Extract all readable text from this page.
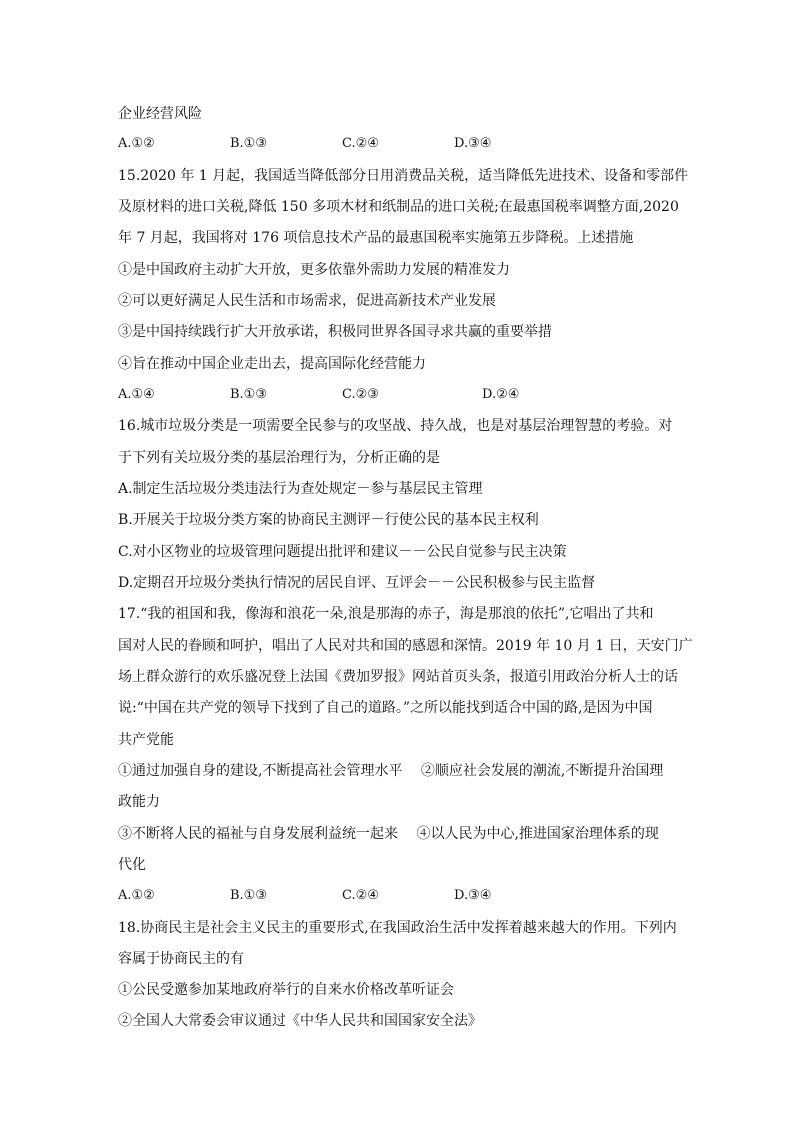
企业经营风险
A.①②	B.①③	C.②④	D.③④
15.2020 年 1 月起，我国适当降低部分日用消费品关税，适当降低先进技术、设备和零部件
及原材料的进口关税,降低 150 多项木材和纸制品的进口关税;在最惠国税率调整方面,2020
年 7 月起，我国将对 176 项信息技术产品的最惠国税率实施第五步降税。上述措施
①是中国政府主动扩大开放，更多依靠外需助力发展的精准发力
②可以更好满足人民生活和市场需求，促进高新技术产业发展
③是中国持续践行扩大开放承诺，积极同世界各国寻求共赢的重要举措
④旨在推动中国企业走出去，提高国际化经营能力
A.①④	B.①③	C.②③	D.②④
16.城市垃圾分类是一项需要全民参与的攻坚战、持久战，也是对基层治理智慧的考验。对
于下列有关垃圾分类的基层治理行为，分析正确的是
A.制定生活垃圾分类违法行为查处规定－参与基层民主管理
B.开展关于垃圾分类方案的协商民主测评－行使公民的基本民主权利
C.对小区物业的垃圾管理问题提出批评和建议－－公民自觉参与民主决策
D.定期召开垃圾分类执行情况的居民自评、互评会－－公民积极参与民主监督
17.“我的祖国和我，像海和浪花一朵,浪是那海的赤子，海是那浪的依托”,它唱出了共和
国对人民的眷顾和呵护，唱出了人民对共和国的感恩和深情。2019 年 10 月 1 日，天安门广
场上群众游行的欢乐盛况登上法国《费加罗报》网站首页头条，报道引用政治分析人士的话
说:“中国在共产党的领导下找到了自己的道路。”之所以能找到适合中国的路,是因为中国
共产党能
①通过加强自身的建设,不断提高社会管理水平　 ②顺应社会发展的潮流,不断提升治国理
政能力
③不断将人民的福祉与自身发展利益统一起来　 ④以人民为中心,推进国家治理体系的现
代化
A.①②	B.①③	C.②④	D.③④
18.协商民主是社会主义民主的重要形式,在我国政治生活中发挥着越来越大的作用。下列内
容属于协商民主的有
①公民受邀参加某地政府举行的自来水价格改革听证会
②全国人大常委会审议通过《中华人民共和国国家安全法》
